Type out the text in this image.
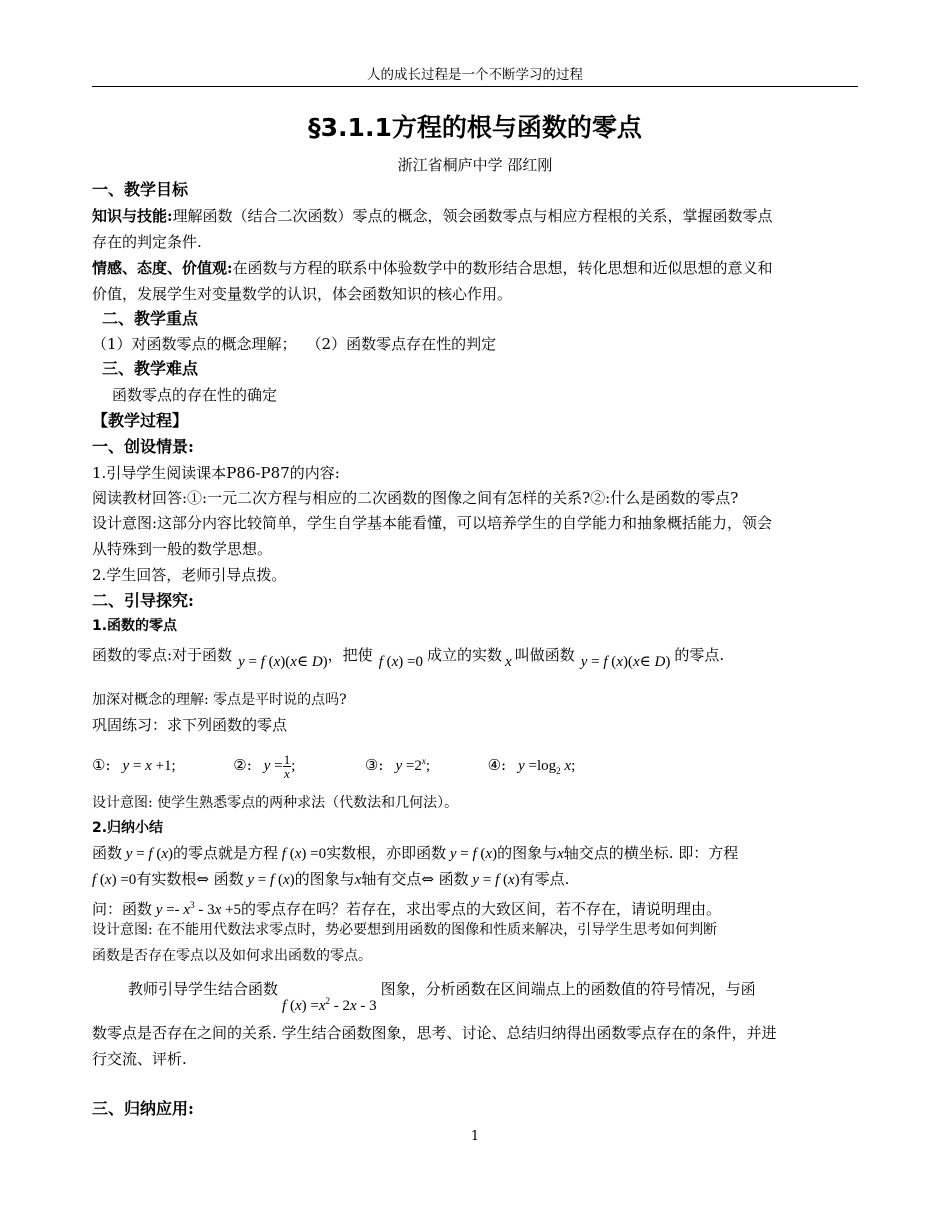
人的成长过程是一个不断学习的过程
§3.1.1方程的根与函数的零点
浙江省桐庐中学 邵红刚
一、教学目标
知识与技能:理解函数（结合二次函数）零点的概念，领会函数零点与相应方程根的关系，掌握函数零点
存在的判定条件.
情感、态度、价值观:在函数与方程的联系中体验数学中的数形结合思想，转化思想和近似思想的意义和
价值，发展学生对变量数学的认识，体会函数知识的核心作用。
二、教学重点
（1）对函数零点的概念理解； （2）函数零点存在性的判定
三、教学难点
函数零点的存在性的确定
【教学过程】
一、创设情景:
1.引导学生阅读课本P86-P87的内容:
阅读教材回答:①:一元二次方程与相应的二次函数的图像之间有怎样的关系?②:什么是函数的零点?
设计意图:这部分内容比较简单，学生自学基本能看懂，可以培养学生的自学能力和抽象概括能力，领会
从特殊到一般的数学思想。
2.学生回答，老师引导点拨。
二、引导探究:
1.函数的零点
函数的零点:对于函数 y = f (x)(x∈ D)，把使 f (x) =0 成立的实数 x 叫做函数 y = f (x)(x∈ D) 的零点.
加深对概念的理解: 零点是平时说的点吗?
巩固练习：求下列函数的零点
①: y = x +1;	②: $y = \frac{1}{x}$ ;	③: $y =2^x$;	④: $y =\log_2$ x;
设计意图: 使学生熟悉零点的两种求法（代数法和几何法）。
2.归纳小结
函数 y = f (x)的零点就是方程 f (x) =0实数根，亦即函数 y = f (x)的图象与x轴交点的横坐标. 即：方程
f (x) =0有实数根⇔ 函数 y = f (x)的图象与x轴有交点⇔ 函数 y = f (x)有零点.
问：函数 $y =- x^3 - 3x +5$的零点存在吗？若存在，求出零点的大致区间，若不存在，请说明理由。
设计意图: 在不能用代数法求零点时，势必要想到用函数的图像和性质来解决，引导学生思考如何判断
函数是否存在零点以及如何求出函数的零点。
教师引导学生结合函数f $(x) =x^2 - 2x - 3$图象，分析函数在区间端点上的函数值的符号情况，与函
数零点是否存在之间的关系. 学生结合函数图象，思考、讨论、总结归纳得出函数零点存在的条件，并进
行交流、评析.
三、归纳应用:
1
